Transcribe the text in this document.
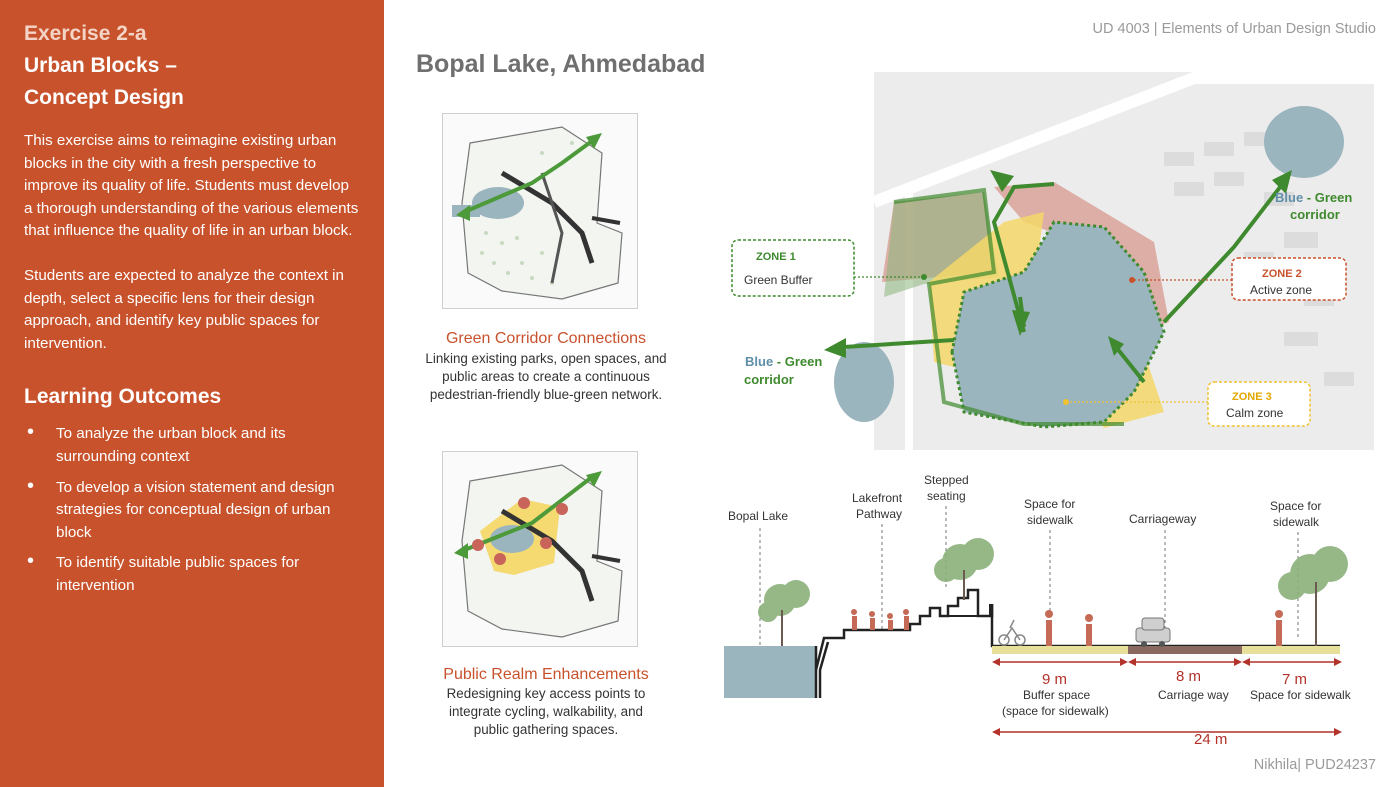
Exercise 2-a
Urban Blocks –
Concept Design

This exercise aims to reimagine existing urban blocks in the city with a fresh perspective to improve its quality of life. Students must develop a thorough understanding of the various elements that influence the quality of life in an urban block.

Students are expected to analyze the context in depth, select a specific lens for their design approach, and identify key public spaces for intervention.

Learning Outcomes
• To analyze the urban block and its surrounding context
• To develop a vision statement and design strategies for conceptual design of urban block
• To identify suitable public spaces for intervention
UD 4003 | Elements of Urban Design Studio
Bopal Lake, Ahmedabad
Nikhila| PUD24237
Green Corridor Connections
Linking existing parks, open spaces, and
public areas to create a continuous
pedestrian-friendly blue-green network.
Public Realm Enhancements
Redesigning key access points to
integrate cycling, walkability, and
public gathering spaces.
ZONE 1
Green Buffer	ZONE 2
Active zone
ZONE 3
Calm zone
Blue - Green
corridor
Blue - Green
corridor
Bopal Lake
Lakefront
Pathway
Stepped
seating
Space for
sidewalk	Carriageway
Space for
sidewalk
9 m
Buffer space
(space for sidewalk)
8 m
Carriage way
7 m
Space for sidewalk
24 m
